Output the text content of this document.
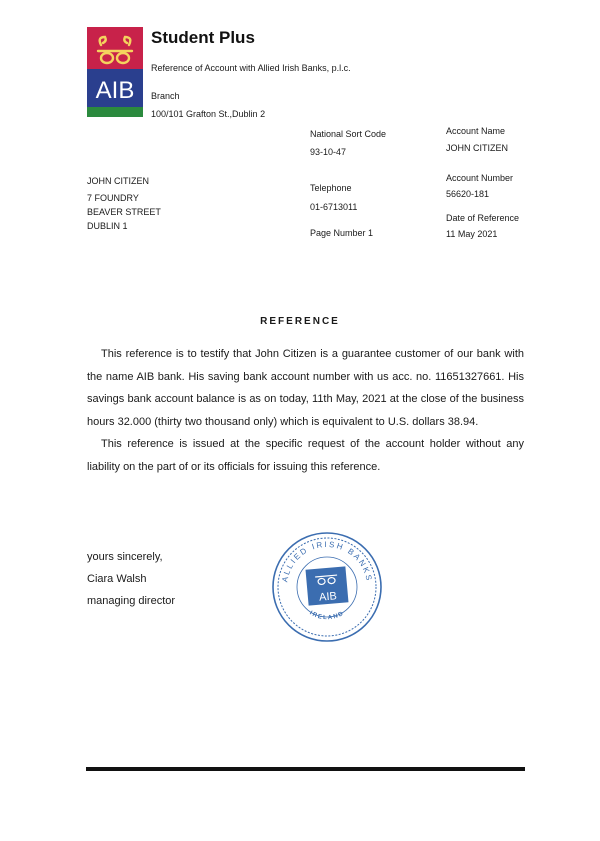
AIB
Student Plus
Reference of Account with Allied Irish Banks, p.l.c.
Branch
100/101 Grafton St.,Dublin 2
National Sort Code
93-10-47
Telephone
01-6713011
Page Number 1
Account Name
JOHN CITIZEN
Account Number
56620-181
Date of Reference
11 May 2021
JOHN CITIZEN
7 FOUNDRY
BEAVER STREET
DUBLIN 1
REFERENCE

This reference is to testify that John Citizen is a guarantee customer of our bank with the name AIB bank. His saving bank account number with us acc. no. 11651327661. His savings bank account balance is as on today, 11th May, 2021 at the close of the business hours 32.000 (thirty two thousand only) which is equivalent to U.S. dollars 38.94.

This reference is issued at the specific request of the account holder without any liability on the part of or its officials for issuing this reference.

yours sincerely,
Ciara Walsh
managing director
ALLIED IRISH BANKS
IRELAND
AIB
